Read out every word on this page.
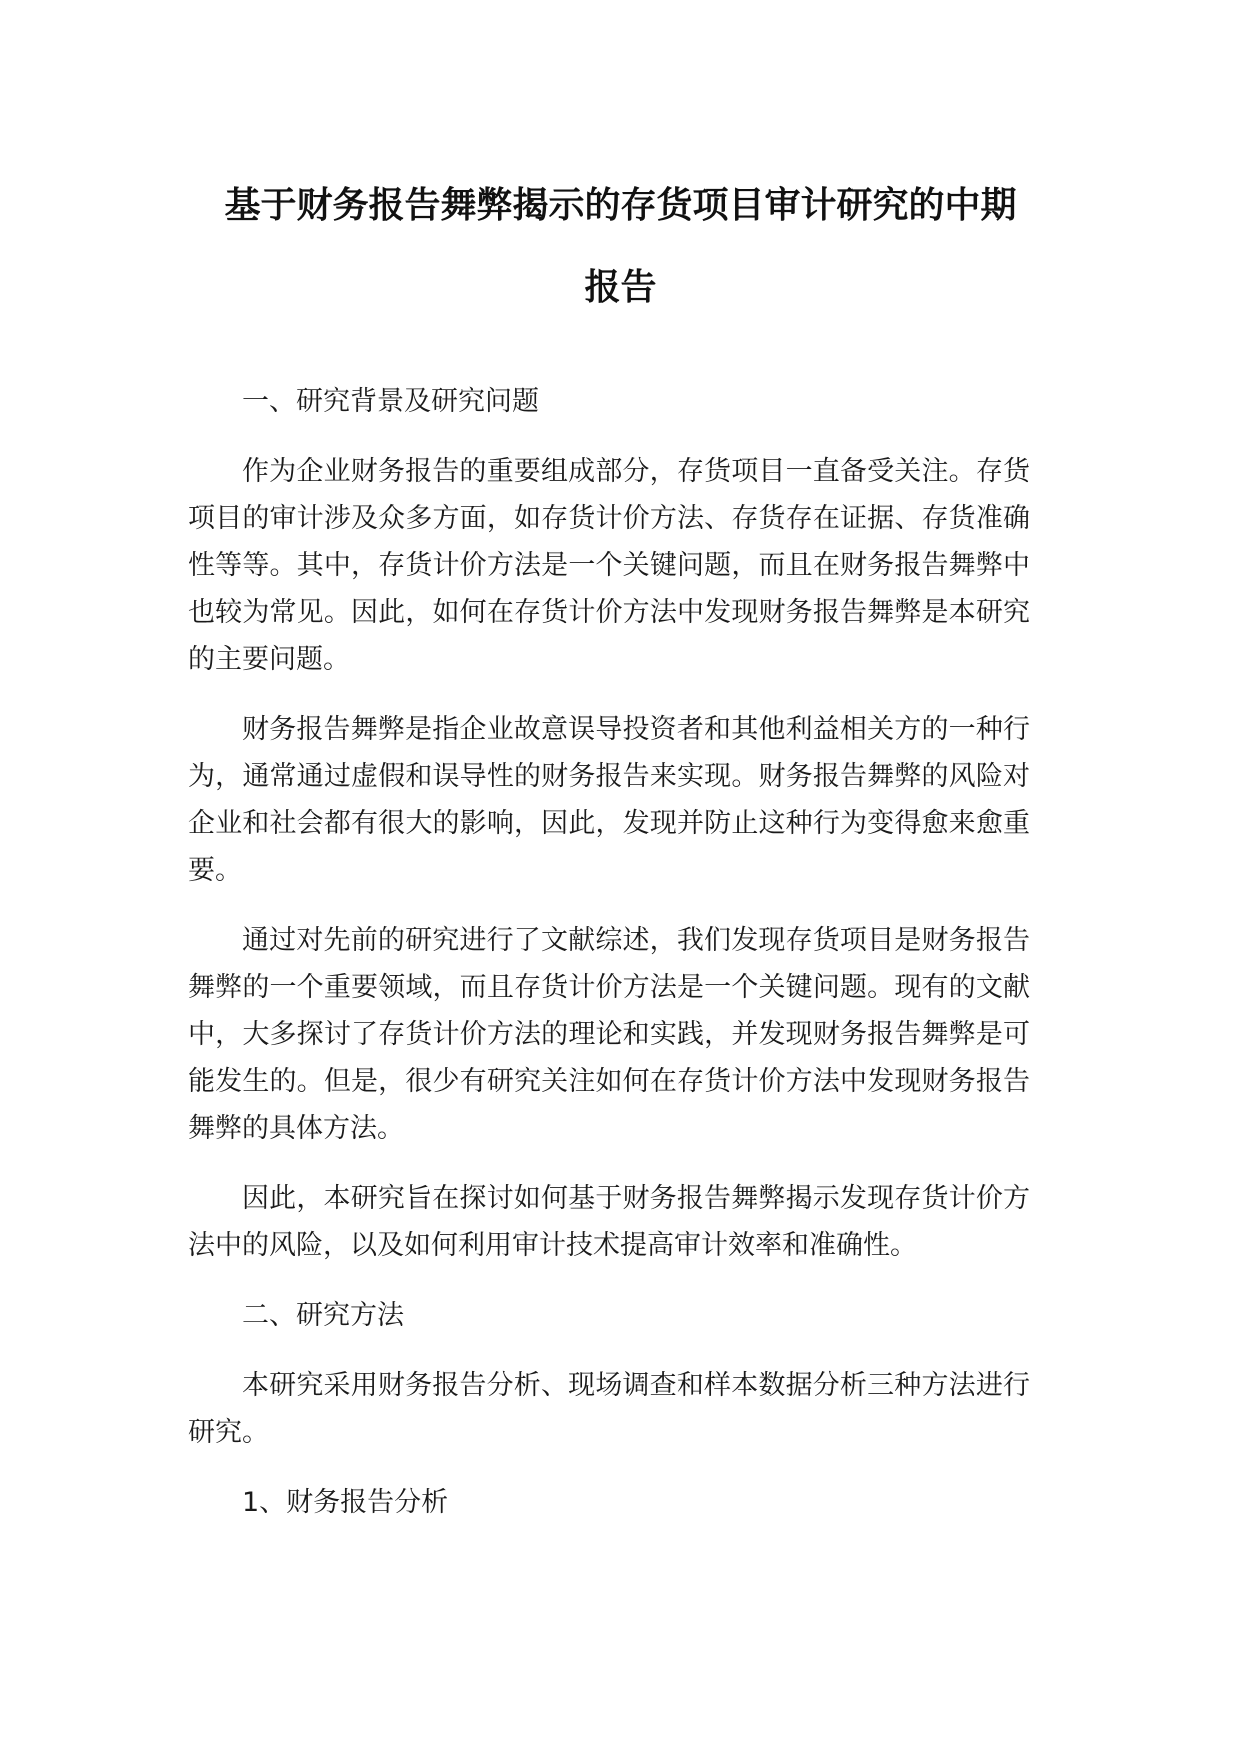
基于财务报告舞弊揭示的存货项目审计研究的中期
报告

一、研究背景及研究问题

作为企业财务报告的重要组成部分，存货项目一直备受关注。存货项目的审计涉及众多方面，如存货计价方法、存货存在证据、存货准确性等等。其中，存货计价方法是一个关键问题，而且在财务报告舞弊中也较为常见。因此，如何在存货计价方法中发现财务报告舞弊是本研究的主要问题。

财务报告舞弊是指企业故意误导投资者和其他利益相关方的一种行为，通常通过虚假和误导性的财务报告来实现。财务报告舞弊的风险对企业和社会都有很大的影响，因此，发现并防止这种行为变得愈来愈重要。

通过对先前的研究进行了文献综述，我们发现存货项目是财务报告舞弊的一个重要领域，而且存货计价方法是一个关键问题。现有的文献中，大多探讨了存货计价方法的理论和实践，并发现财务报告舞弊是可能发生的。但是，很少有研究关注如何在存货计价方法中发现财务报告舞弊的具体方法。

因此，本研究旨在探讨如何基于财务报告舞弊揭示发现存货计价方法中的风险，以及如何利用审计技术提高审计效率和准确性。

二、研究方法

本研究采用财务报告分析、现场调查和样本数据分析三种方法进行研究。

1、财务报告分析
